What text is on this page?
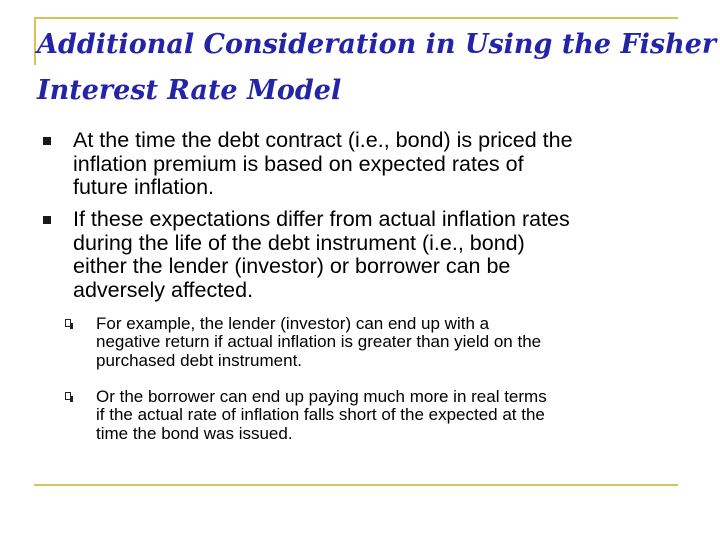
Additional Consideration in Using the Fisher
Interest Rate Model
At the time the debt contract (i.e., bond) is priced the
inflation premium is based on expected rates of
future inflation.
If these expectations differ from actual inflation rates
during the life of the debt instrument (i.e., bond)
either the lender (investor) or borrower can be
adversely affected.
For example, the lender (investor) can end up with a
negative return if actual inflation is greater than yield on the
purchased debt instrument.
Or the borrower can end up paying much more in real terms
if the actual rate of inflation falls short of the expected at the
time the bond was issued.
